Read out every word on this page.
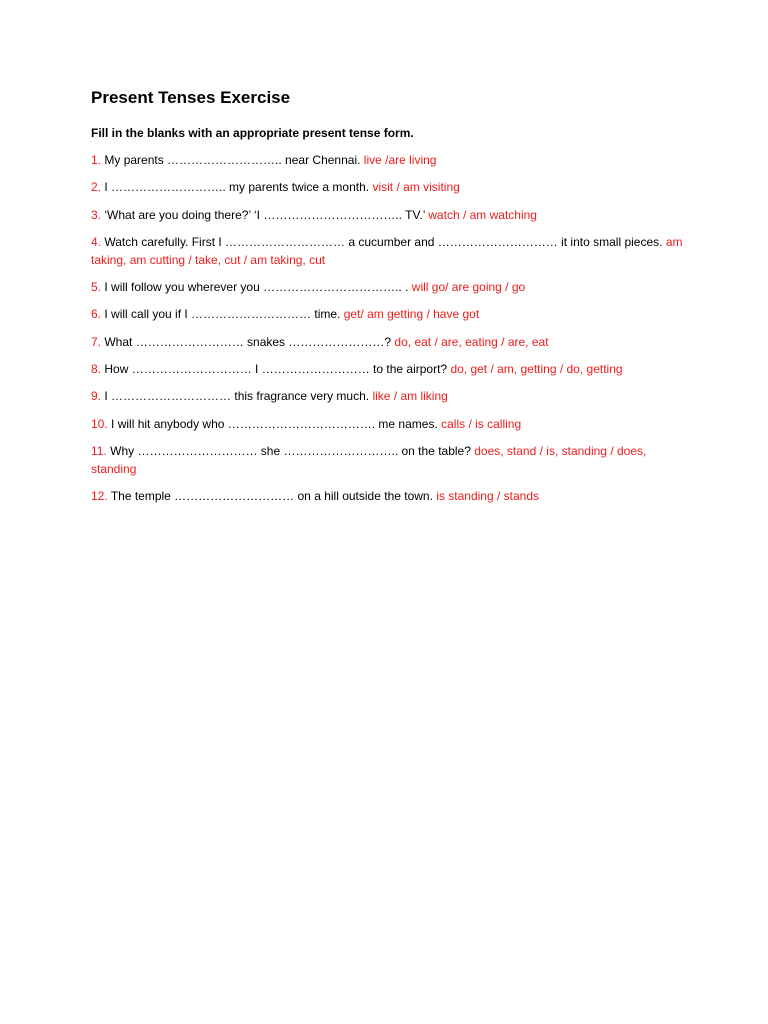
Present Tenses Exercise

Fill in the blanks with an appropriate present tense form.

1. My parents ……………………….. near Chennai. live /are living
2. I ……………………….. my parents twice a month. visit / am visiting
3. ‘What are you doing there?’ ‘I …………………………….. TV.’ watch / am watching
4. Watch carefully. First I ………………………… a cucumber and ………………………… it into small pieces. am taking, am cutting / take, cut / am taking, cut
5. I will follow you wherever you …………………………….. . will go/ are going / go
6. I will call you if I ………………………… time. get/ am getting / have got
7. What ……………………… snakes ……………………? do, eat / are, eating / are, eat
8. How ………………………… I ……………………… to the airport? do, get / am, getting / do, getting
9. I ………………………… this fragrance very much. like / am liking
10. I will hit anybody who ………………………………. me names. calls / is calling
11. Why ………………………… she ……………………….. on the table? does, stand / is, standing / does, standing
12. The temple ………………………… on a hill outside the town. is standing / stands
